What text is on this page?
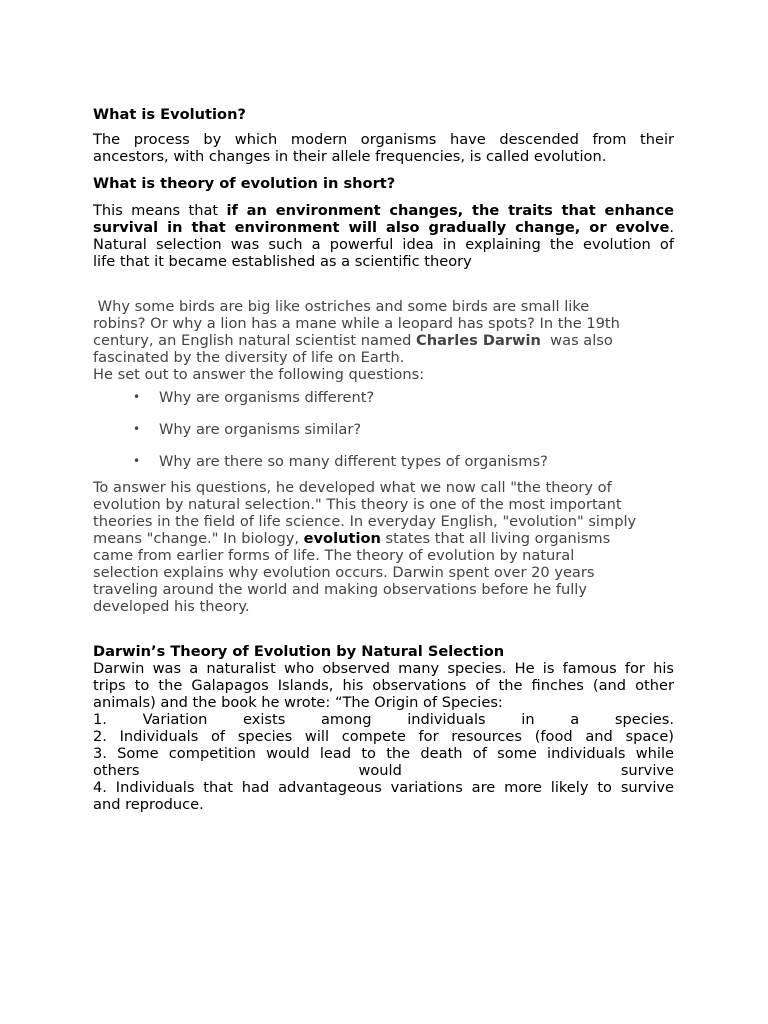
What is Evolution?
The process by which modern organisms have descended from their
ancestors, with changes in their allele frequencies, is called evolution.
What is theory of evolution in short?
This means that if an environment changes, the traits that enhance
survival in that environment will also gradually change, or evolve.
Natural selection was such a powerful idea in explaining the evolution of
life that it became established as a scientific theory
Why some birds are big like ostriches and some birds are small like
robins? Or why a lion has a mane while a leopard has spots? In the 19th
century, an English natural scientist named Charles Darwin  was also
fascinated by the diversity of life on Earth.
He set out to answer the following questions:
• Why are organisms different?
• Why are organisms similar?
• Why are there so many different types of organisms?
To answer his questions, he developed what we now call "the theory of
evolution by natural selection." This theory is one of the most important
theories in the field of life science. In everyday English, "evolution" simply
means "change." In biology, evolution states that all living organisms
came from earlier forms of life. The theory of evolution by natural
selection explains why evolution occurs. Darwin spent over 20 years
traveling around the world and making observations before he fully
developed his theory.
Darwin’s Theory of Evolution by Natural Selection
Darwin was a naturalist who observed many species. He is famous for his
trips to the Galapagos Islands, his observations of the finches (and other
animals) and the book he wrote: “The Origin of Species:
1. Variation exists among individuals in a species.
2. Individuals of species will compete for resources (food and space)
3. Some competition would lead to the death of some individuals while
others would survive
4. Individuals that had advantageous variations are more likely to survive
and reproduce.
